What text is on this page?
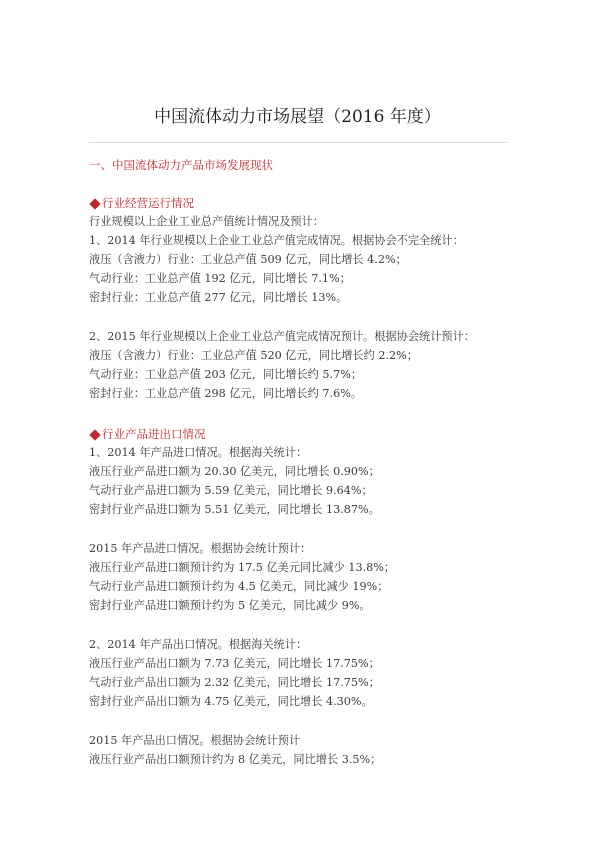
中国流体动力市场展望（2016 年度）
一、中国流体动力产品市场发展现状
行业经营运行情况
行业规模以上企业工业总产值统计情况及预计：
1、2014 年行业规模以上企业工业总产值完成情况。根据协会不完全统计：
液压（含液力）行业：工业总产值 509 亿元，同比增长 4.2%；
气动行业：工业总产值 192 亿元，同比增长 7.1%；
密封行业：工业总产值 277 亿元，同比增长 13%。
2、2015 年行业规模以上企业工业总产值完成情况预计。根据协会统计预计：
液压（含液力）行业：工业总产值 520 亿元，同比增长约 2.2%；
气动行业：工业总产值 203 亿元，同比增长约 5.7%；
密封行业：工业总产值 298 亿元，同比增长约 7.6%。
行业产品进出口情况
1、2014 年产品进口情况。根据海关统计：
液压行业产品进口额为 20.30 亿美元，同比增长 0.90%；
气动行业产品进口额为 5.59 亿美元，同比增长 9.64%；
密封行业产品进口额为 5.51 亿美元，同比增长 13.87%。
2015 年产品进口情况。根据协会统计预计：
液压行业产品进口额预计约为 17.5 亿美元同比减少 13.8%；
气动行业产品进口额预计约为 4.5 亿美元，同比减少 19%；
密封行业产品进口额预计约为 5 亿美元，同比减少 9%。
2、2014 年产品出口情况。根据海关统计：
液压行业产品出口额为 7.73 亿美元，同比增长 17.75%；
气动行业产品出口额为 2.32 亿美元，同比增长 17.75%；
密封行业产品出口额为 4.75 亿美元，同比增长 4.30%。
2015 年产品出口情况。根据协会统计预计
液压行业产品出口额预计约为 8 亿美元，同比增长 3.5%；
